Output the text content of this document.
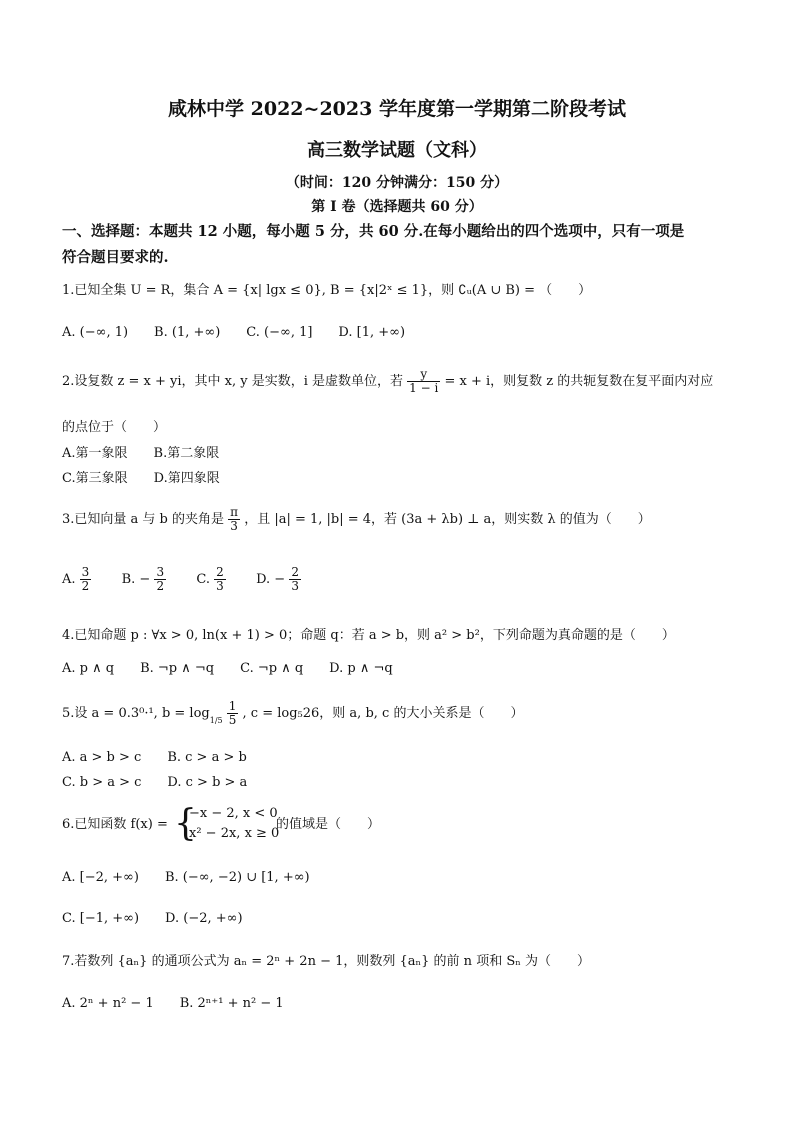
咸林中学 2022~2023 学年度第一学期第二阶段考试
高三数学试题（文科）
（时间：120 分钟满分：150 分）
第 I 卷（选择题共 60 分）
一、选择题：本题共 12 小题，每小题 5 分，共 60 分.在每小题给出的四个选项中，只有一项是
符合题目要求的.
1.已知全集 U = R，集合 A = {x| lgx ≤ 0}, B = {x|2ˣ ≤ 1}，则 ∁ᵤ(A ∪ B) = （　　）
A. (−∞, 1)　　B. (1, +∞)　　C. (−∞, 1]　　D. [1, +∞)
2.设复数 z = x + yi，其中 x, y 是实数，i 是虚数单位，若 $\frac{y}{1 - i} = x + i$，则复数 z 的共轭复数在复平面内对应
的点位于（　　）
A.第一象限　　B.第二象限
C.第三象限　　D.第四象限
3.已知向量 a 与 b 的夹角是 $\frac{\pi}{3}$ ，且 |a| = 1, |b| = 4，若 (3a + λb) ⊥ a，则实数 λ 的值为（　　）
A. $\frac{3}{2} B$. − $\frac{3}{2} C$. $\frac{2}{3} D$. − $\frac{2}{3}$
4.已知命题 p : ∀x > 0, ln(x + 1) > 0；命题 q：若 a > b，则 a² > b²，下列命题为真命题的是（　　）
A. p ∧ q　　B. ¬p ∧ ¬q　　C. ¬p ∧ q　　D. p ∧ ¬q
5.设 a = 0.3⁰·¹, $b = \log_{1/5} \frac{1}{5}$ , c = log₅26，则 a, b, c 的大小关系是（　　）
A. a > b > c　　B. c > a > b
C. b > a > c　　D. c > b > a
6.已知函数 f(x) = {
−x − 2, x < 0
x² − 2x, x ≥ 0
的值域是（　　）
A. [−2, +∞)　　B. (−∞, −2) ∪ [1, +∞)
C. [−1, +∞)　　D. (−2, +∞)
7.若数列 {aₙ} 的通项公式为 aₙ = 2ⁿ + 2n − 1，则数列 {aₙ} 的前 n 项和 Sₙ 为（　　）
A. 2ⁿ + n² − 1　　B. 2ⁿ⁺¹ + n² − 1
